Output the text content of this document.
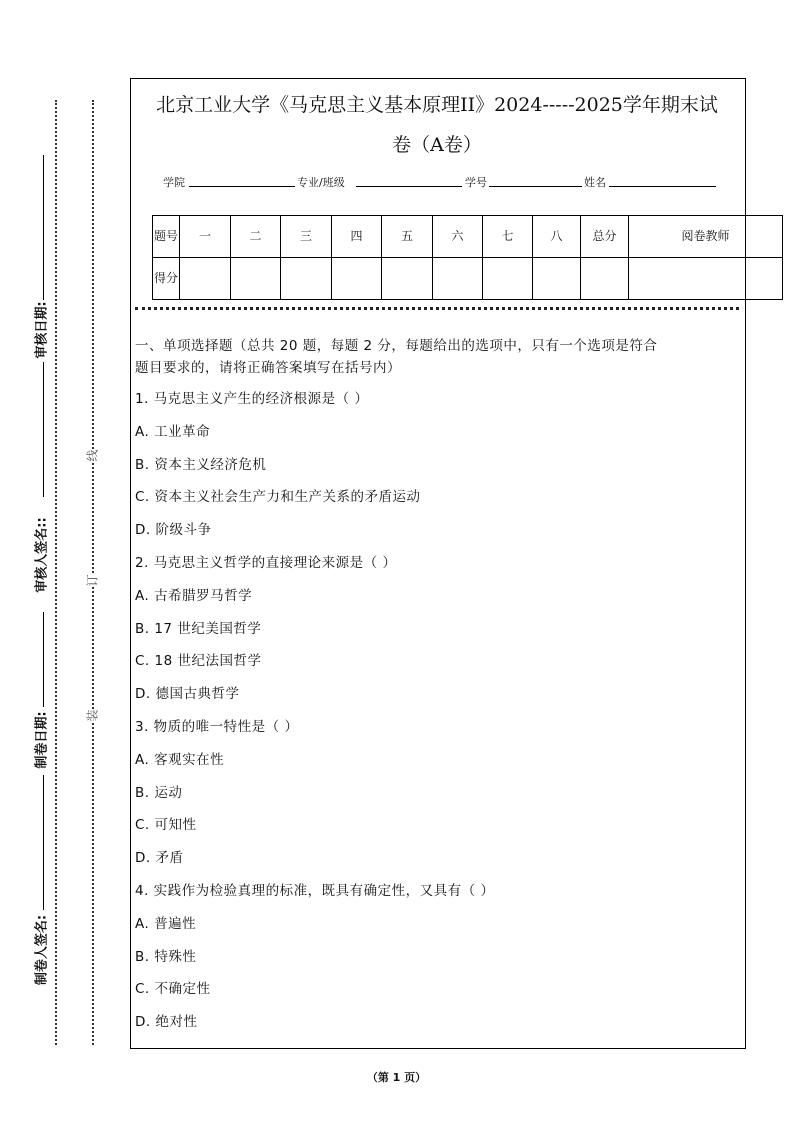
审核日期:
审核人签名::
制卷日期:
制卷人签名:
线
订
装
北京工业大学《马克思主义基本原理II》2024-----2025学年期末试
卷（A卷）
学院	专业/班级	学号	姓名
题号	一	二	三	四	五	六	七	八	总分	阅卷教师
得分										
一、单项选择题（总共 20 题，每题 2 分，每题给出的选项中，只有一个选项是符合
题目要求的，请将正确答案填写在括号内）
1. 马克思主义产生的经济根源是（ ）
A. 工业革命
B. 资本主义经济危机
C. 资本主义社会生产力和生产关系的矛盾运动
D. 阶级斗争
2. 马克思主义哲学的直接理论来源是（ ）
A. 古希腊罗马哲学
B. 17 世纪美国哲学
C. 18 世纪法国哲学
D. 德国古典哲学
3. 物质的唯一特性是（ ）
A. 客观实在性
B. 运动
C. 可知性
D. 矛盾
4. 实践作为检验真理的标准，既具有确定性，又具有（ ）
A. 普遍性
B. 特殊性
C. 不确定性
D. 绝对性
（第 1 页）
